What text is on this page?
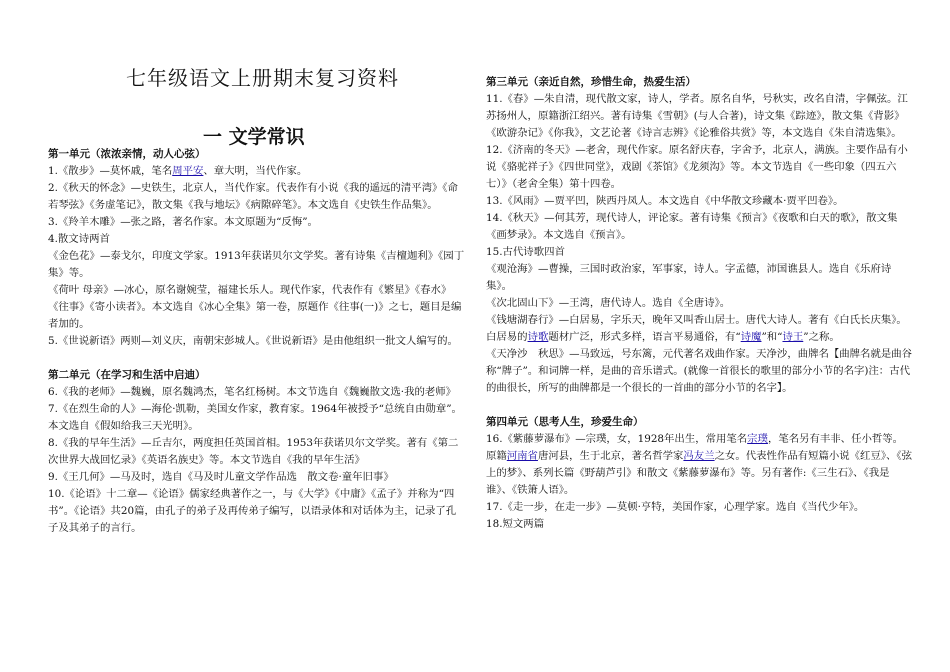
七年级语文上册期末复习资料
一 文学常识
第一单元（浓浓亲情，动人心弦）

1.《散步》—莫怀戚，笔名周平安、章大明，当代作家。

2.《秋天的怀念》—史铁生，北京人，当代作家。代表作有小说《我的遥远的清平湾》《命若琴弦》《务虚笔记》，散文集《我与地坛》《病隙碎笔》。本文选自《史铁生作品集》。

3.《羚羊木雕》—张之路，著名作家。本文原题为“反悔”。

4.散文诗两首

《金色花》—泰戈尔，印度文学家。1913年获诺贝尔文学奖。著有诗集《吉檀迦利》《园丁集》等。

《荷叶 母亲》—冰心，原名谢婉莹，福建长乐人。现代作家，代表作有《繁星》《春水》《往事》《寄小读者》。本文选自《冰心全集》第一卷，原题作《往事(一)》之七，题目是编者加的。

5.《世说新语》两则—刘义庆，南朝宋彭城人。《世说新语》是由他组织一批文人编写的。

第二单元（在学习和生活中启迪）

6.《我的老师》—魏巍，原名魏鸿杰，笔名红杨树。本文节选自《魏巍散文选·我的老师》

7.《在烈生命的人》—海伦·凯勒，美国女作家，教育家。1964年被授予“总统自由勋章”。本文选自《假如给我三天光明》。

8.《我的早年生活》—丘吉尔，两度担任英国首相。1953年获诺贝尔文学奖。著有《第二次世界大战回忆录》《英语名族史》等。本文节选自《我的早年生活》

9.《王几何》—马及时，选自《马及时儿童文学作品选　散文卷·童年旧事》

10.《论语》十二章—《论语》儒家经典著作之一，与《大学》《中庸》《孟子》并称为“四书”。《论语》共20篇，由孔子的弟子及再传弟子编写，以语录体和对话体为主，记录了孔子及其弟子的言行。

第三单元（亲近自然，珍惜生命，热爱生活）

11.《春》—朱自清，现代散文家，诗人，学者。原名自华，号秋实，改名自清，字佩弦。江苏扬州人，原籍浙江绍兴。著有诗集《雪朝》(与人合著)，诗文集《踪迹》，散文集《背影》《欧游杂记》《你我》，文艺论著《诗言志辨》《论雅俗共赏》等，本文选自《朱自清选集》。

12.《济南的冬天》—老舍，现代作家。原名舒庆春，字舍予，北京人，满族。主要作品有小说《骆驼祥子》《四世同堂》，戏剧《茶馆》《龙须沟》等。本文节选自《一些印象（四五六七）》（老舍全集）第十四卷。

13.《风雨》—贾平凹，陕西丹凤人。本文选自《中华散文珍藏本·贾平凹卷》。

14.《秋天》—何其芳，现代诗人，评论家。著有诗集《预言》《夜歌和白天的歌》，散文集《画梦录》。本文选自《预言》。

15.古代诗歌四首

《观沧海》—曹操，三国时政治家，军事家，诗人。字孟德，沛国谯县人。选自《乐府诗集》。

《次北固山下》—王湾，唐代诗人。选自《全唐诗》。

《钱塘湖春行》—白居易，字乐天，晚年又叫香山居士。唐代大诗人。著有《白氏长庆集》。白居易的诗歌题材广泛，形式多样，语言平易通俗，有“诗魔”和“诗王”之称。

《天净沙　秋思》—马致远，号东篱，元代著名戏曲作家。天净沙，曲牌名【曲牌名就是曲谷称“牌子”。和词牌一样，是曲的音乐谱式。(就像一首很长的歌里的部分小节的名字)注：古代的曲很长，所写的曲牌都是一个很长的一首曲的部分小节的名字】。

第四单元（思考人生，珍爱生命）

16.《紫藤萝瀑布》—宗璞，女，1928年出生，常用笔名宗璞，笔名另有丰非、任小哲等。原籍河南省唐河县，生于北京，著名哲学家冯友兰之女。代表性作品有短篇小说《红豆》、《弦上的梦》、系列长篇《野葫芦引》和散文《紫藤萝瀑布》等。另有著作:《三生石》、《我是谁》、《铁箫人语》。

17.《走一步，在走一步》—莫顿·亨特，美国作家，心理学家。选自《当代少年》。

18.短文两篇
